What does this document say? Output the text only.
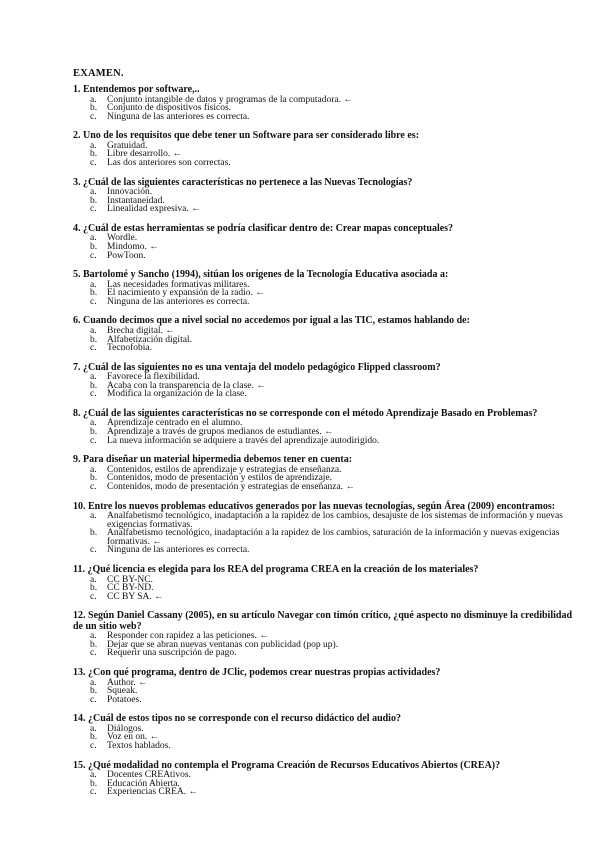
EXAMEN.

1. Entendemos por software,..

a.	Conjunto intangible de datos y programas de la computadora. ←
b.	Conjunto de dispositivos físicos.
c.	Ninguna de las anteriores es correcta.

2. Uno de los requisitos que debe tener un Software para ser considerado libre es:

a.	Gratuidad.
b.	Libre desarrollo. ←
c.	Las dos anteriores son correctas.

3. ¿Cuál de las siguientes características no pertenece a las Nuevas Tecnologías?

a.	Innovación.
b.	Instantaneidad.
c.	Linealidad expresiva. ←

4. ¿Cuál de estas herramientas se podría clasificar dentro de: Crear mapas conceptuales?

a.	Wordle.
b.	Mindomo. ←
c.	PowToon.

5. Bartolomé y Sancho (1994), sitúan los orígenes de la Tecnología Educativa asociada a:

a.	Las necesidades formativas militares.
b.	El nacimiento y expansión de la radio. ←
c.	Ninguna de las anteriores es correcta.

6. Cuando decimos que a nivel social no accedemos por igual a las TIC, estamos hablando de:

a.	Brecha digital. ←
b.	Alfabetización digital.
c.	Tecnofobia.

7. ¿Cuál de las siguientes no es una ventaja del modelo pedagógico Flipped classroom?

a.	Favorece la flexibilidad.
b.	Acaba con la transparencia de la clase. ←
c.	Modifica la organización de la clase.

8. ¿Cuál de las siguientes características no se corresponde con el método Aprendizaje Basado en Problemas?

a.	Aprendizaje centrado en el alumno.
b.	Aprendizaje a través de grupos medianos de estudiantes. ←
c.	La nueva información se adquiere a través del aprendizaje autodirigido.

9. Para diseñar un material hipermedia debemos tener en cuenta:

a.	Contenidos, estilos de aprendizaje y estrategias de enseñanza.
b.	Contenidos, modo de presentación y estilos de aprendizaje.
c.	Contenidos, modo de presentación y estrategias de enseñanza. ←

10. Entre los nuevos problemas educativos generados por las nuevas tecnologías, según Área (2009) encontramos:

a.	Analfabetismo tecnológico, inadaptación a la rapidez de los cambios, desajuste de los sistemas de información y nuevas exigencias formativas.
b.	Analfabetismo tecnológico, inadaptación a la rapidez de los cambios, saturación de la información y nuevas exigencias formativas. ←
c.	Ninguna de las anteriores es correcta.

11. ¿Qué licencia es elegida para los REA del programa CREA en la creación de los materiales?

a.	CC BY-NC.
b.	CC BY-ND.
c.	CC BY SA. ←

12. Según Daniel Cassany (2005), en su artículo Navegar con timón crítico, ¿qué aspecto no disminuye la credibilidad de un sitio web?

a.	Responder con rapidez a las peticiones. ←
b.	Dejar que se abran nuevas ventanas con publicidad (pop up).
c.	Requerir una suscripción de pago.

13. ¿Con qué programa, dentro de JClic, podemos crear nuestras propias actividades?

a.	Author. ←
b.	Squeak.
c.	Potatoes.

14. ¿Cuál de estos tipos no se corresponde con el recurso didáctico del audio?

a.	Diálogos.
b.	Voz en on. ←
c.	Textos hablados.

15. ¿Qué modalidad no contempla el Programa Creación de Recursos Educativos Abiertos (CREA)?

a.	Docentes CREAtivos.
b.	Educación Abierta.
c.	Experiencias CREA. ←
